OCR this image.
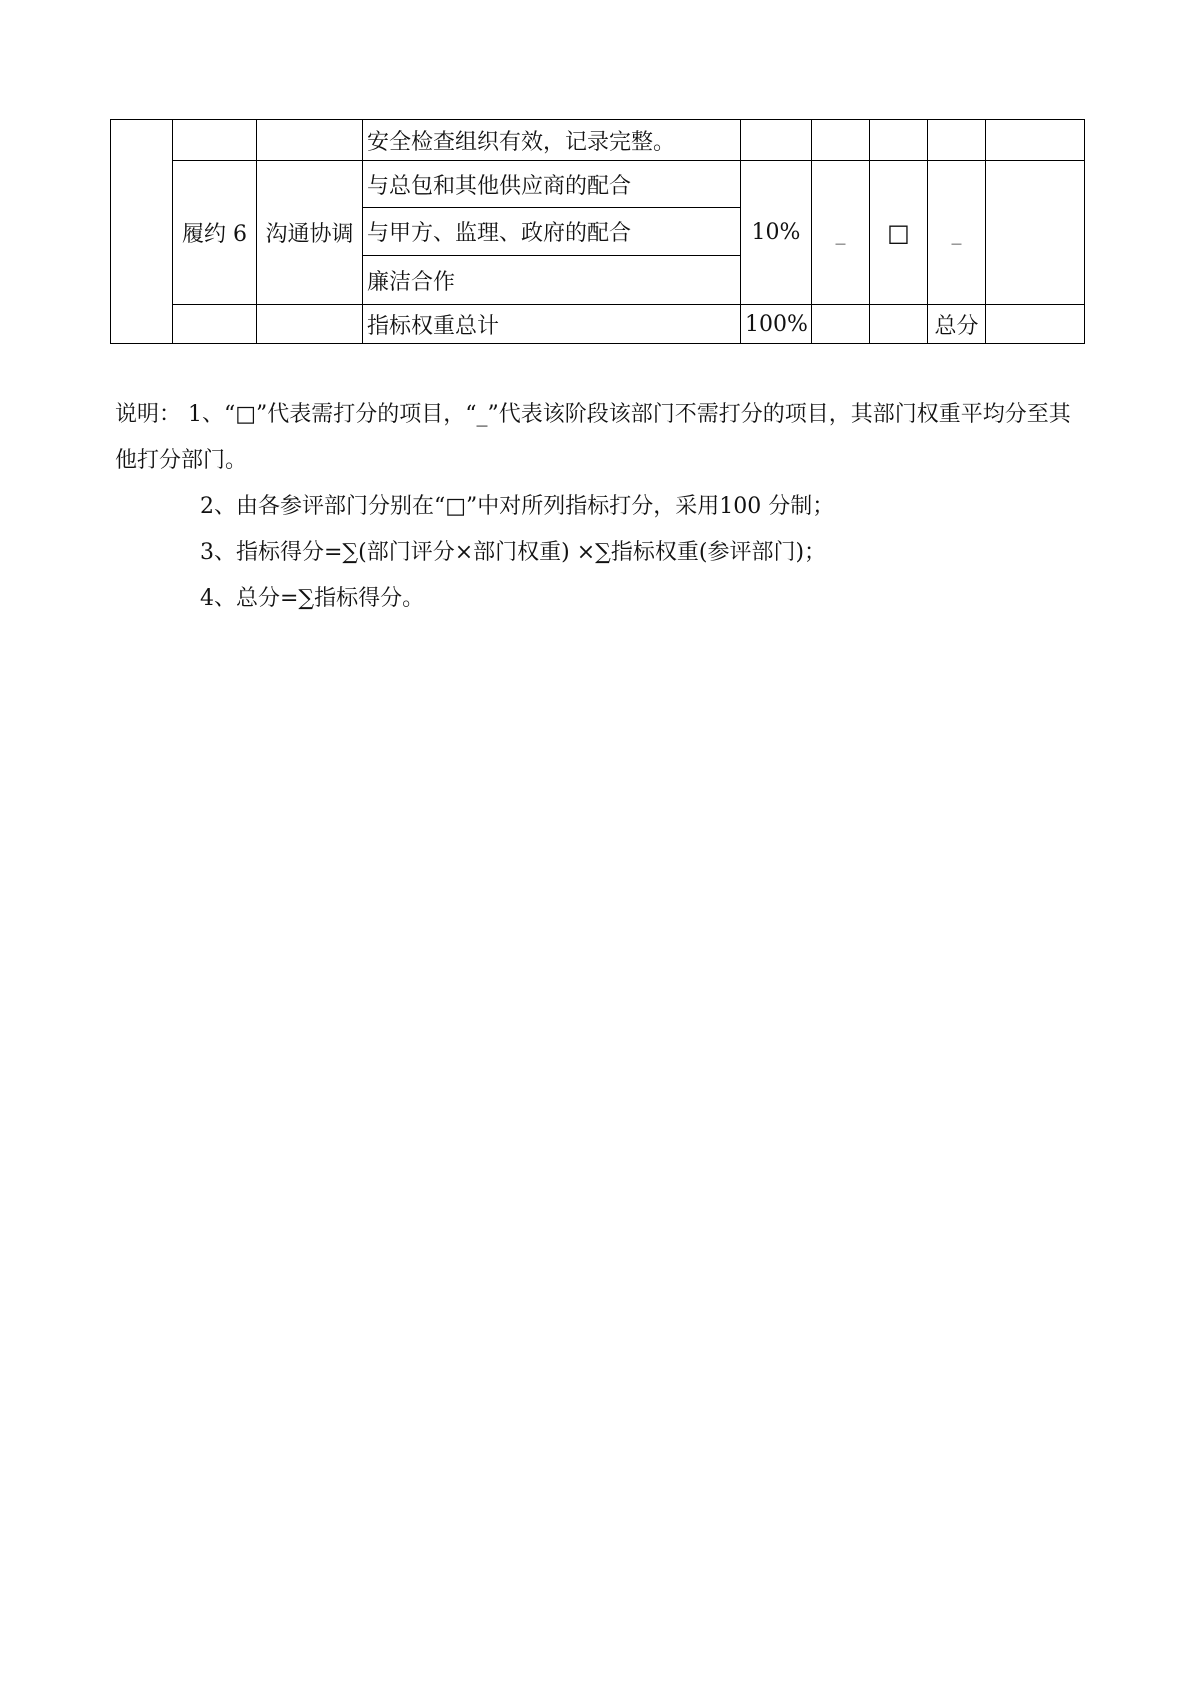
			安全检查组织有效，记录完整。					
	履约 6	沟通协调	与总包和其他供应商的配合	10%	_	□	_	
			与甲方、监理、政府的配合					
			廉洁合作					
			指标权重总计	100%			总分	

说明： 1、“□”代表需打分的项目，“_”代表该阶段该部门不需打分的项目，其部门权重平均分至其他打分部门。

2、由各参评部门分别在“□”中对所列指标打分，采用100 分制；

3、指标得分=∑(部门评分×部门权重) ×∑指标权重(参评部门)；

4、总分=∑指标得分。
